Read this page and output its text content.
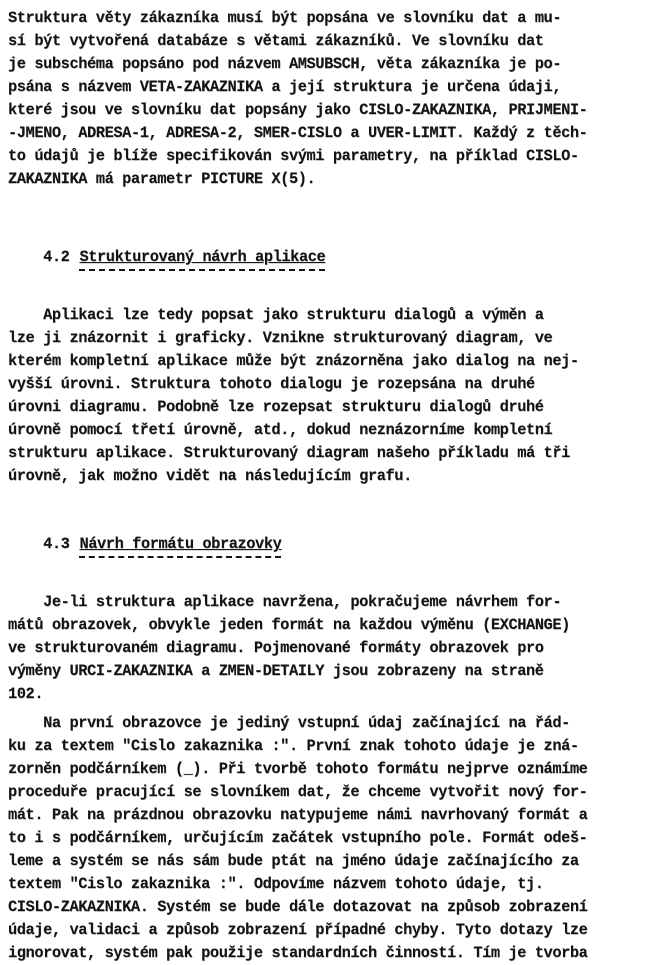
Struktura věty zákazníka musí být popsána ve slovníku dat a mu-
sí být vytvořená databáze s větami zákazníků. Ve slovníku dat
je subschéma popsáno pod názvem AMSUBSCH, věta zákazníka je po-
psána s názvem VETA-ZAKAZNIKA a její struktura je určena údaji,
které jsou ve slovníku dat popsány jako CISLO-ZAKAZNIKA, PRIJMENI-
-JMENO, ADRESA-1, ADRESA-2, SMER-CISLO a UVER-LIMIT. Každý z těch-
to údajů je blíže specifikován svými parametry, na příklad CISLO-
ZAKAZNIKA má parametr PICTURE X(5).

4.2 Strukturovaný návrh aplikace

Aplikaci lze tedy popsat jako strukturu dialogů a výměn a
lze ji znázornit i graficky. Vznikne strukturovaný diagram, ve
kterém kompletní aplikace může být znázorněna jako dialog na nej-
vyšší úrovni. Struktura tohoto dialogu je rozepsána na druhé
úrovni diagramu. Podobně lze rozepsat strukturu dialogů druhé
úrovně pomocí třetí úrovně, atd., dokud neznázorníme kompletní
strukturu aplikace. Strukturovaný diagram našeho příkladu má tři
úrovně, jak možno vidět na následujícím grafu.

4.3 Návrh formátu obrazovky

Je-li struktura aplikace navržena, pokračujeme návrhem for-
mátů obrazovek, obvykle jeden formát na každou výměnu (EXCHANGE)
ve strukturovaném diagramu. Pojmenované formáty obrazovek pro
výměny URCI-ZAKAZNIKA a ZMEN-DETAILY jsou zobrazeny na straně
102.
Na první obrazovce je jediný vstupní údaj začínající na řád-
ku za textem "Cislo zakaznika :". První znak tohoto údaje je zná-
zorněn podčárníkem (_). Při tvorbě tohoto formátu nejprve oznámíme
proceduře pracující se slovníkem dat, že chceme vytvořit nový for-
mát. Pak na prázdnou obrazovku natypujeme námi navrhovaný formát a
to i s podčárníkem, určujícím začátek vstupního pole. Formát odeš-
leme a systém se nás sám bude ptát na jméno údaje začínajícího za
textem "Cislo zakaznika :". Odpovíme názvem tohoto údaje, tj.
CISLO-ZAKAZNIKA. Systém se bude dále dotazovat na způsob zobrazení
údaje, validaci a způsob zobrazení případné chyby. Tyto dotazy lze
ignorovat, systém pak použije standardních činností. Tím je tvorba
